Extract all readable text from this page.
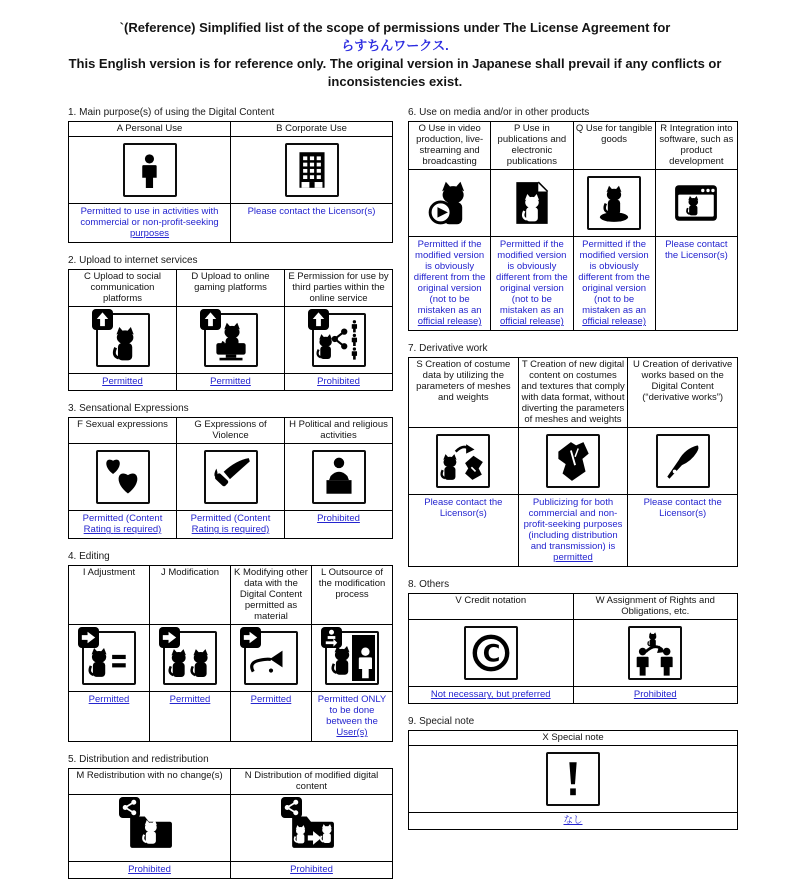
`(Reference) Simplified list of the scope of permissions under The License Agreement for
らすちんワークス.
This English version is for reference only. The original version in Japanese shall prevail if any conflicts or inconsistencies exist.
1. Main purpose(s) of using the Digital Content
A Personal Use	B Corporate Use

Permitted to use in activities with commercial or non-profit-seeking purposes	Please contact the Licensor(s)
2. Upload to internet services
C Upload to social communication platforms	D Upload to online gaming platforms	E Permission for use by third parties within the online service

Permitted	Permitted	Prohibited
3. Sensational Expressions
F Sexual expressions	G Expressions of Violence	H Political and religious activities

Permitted (Content Rating is required)	Permitted (Content Rating is required)	Prohibited
4. Editing
I Adjustment	J Modification	K Modifying other data with the Digital Content permitted as material	L Outsource of the modification process

Permitted	Permitted	Permitted	Permitted ONLY to be done between the User(s)
5. Distribution and redistribution
M Redistribution with no change(s)	N Distribution of modified digital content

Prohibited	Prohibited
6. Use on media and/or in other products
O Use in video production, live-streaming and broadcasting	P Use in publications and electronic publications	Q Use for tangible goods	R Integration into software, such as product development

Permitted if the modified version is obviously different from the original version (not to be mistaken as an official release)	Permitted if the modified version is obviously different from the original version (not to be mistaken as an official release)	Permitted if the modified version is obviously different from the original version (not to be mistaken as an official release)	Please contact the Licensor(s)
7. Derivative work
S Creation of costume data by utilizing the parameters of meshes and weights	T Creation of new digital content on costumes and textures that comply with data format, without diverting the parameters of meshes and weights	U Creation of derivative works based on the Digital Content (“derivative works”)

Please contact the Licensor(s)	Publicizing for both commercial and non-profit-seeking purposes (including distribution and transmission) is permitted	Please contact the Licensor(s)
8. Others
V Credit notation	W Assignment of Rights and Obligations, etc.

C

Not necessary, but preferred	Prohibited
9. Special note
X Special note

なし
